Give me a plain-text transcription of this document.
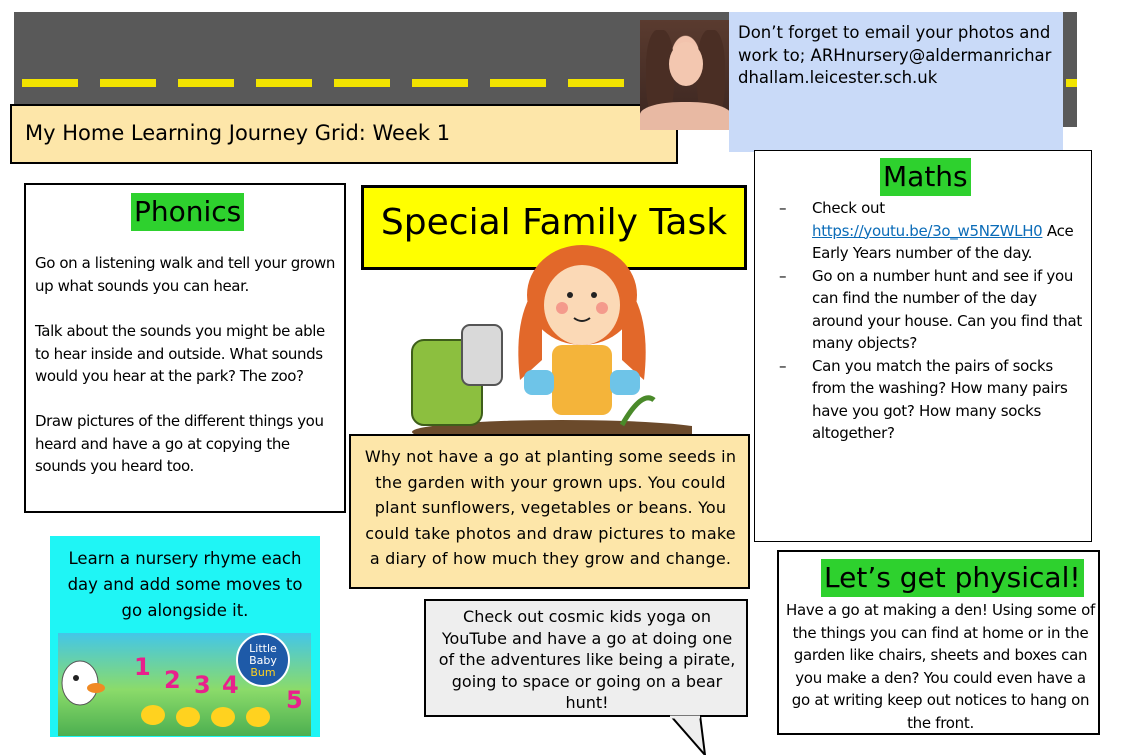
My Home Learning Journey Grid: Week 1
Don’t forget to email your photos and work to; ARHnursery@aldermanrichardhallam.leicester.sch.uk
Phonics

Go on a listening walk and tell your grown up what sounds you can hear.

Talk about the sounds you might be able to hear inside and outside. What sounds would you hear at the park? The zoo?

Draw pictures of the different things you heard and have a go at copying the sounds you heard too.

Special Family Task
Why not have a go at planting some seeds in the garden with your grown ups. You could plant sunflowers, vegetables or beans. You could take photos and draw pictures to make a diary of how much they grow and change.
Maths
– Check out https://youtu.be/3o_w5NZWLH0 Ace Early Years number of the day.
– Go on a number hunt and see if you can find the number of the day around your house. Can you find that many objects?
– Can you match the pairs of socks from the washing? How many pairs have you got? How many socks altogether?
Learn a nursery rhyme each day and add some moves to go alongside it.
Little
Baby
Bum
1 2 3 4
5
Check out cosmic kids yoga on YouTube and have a go at doing one of the adventures like being a pirate, going to space or going on a bear hunt!
Let’s get physical!
Have a go at making a den! Using some of the things you can find at home or in the garden like chairs, sheets and boxes can you make a den? You could even have a go at writing keep out notices to hang on the front.
